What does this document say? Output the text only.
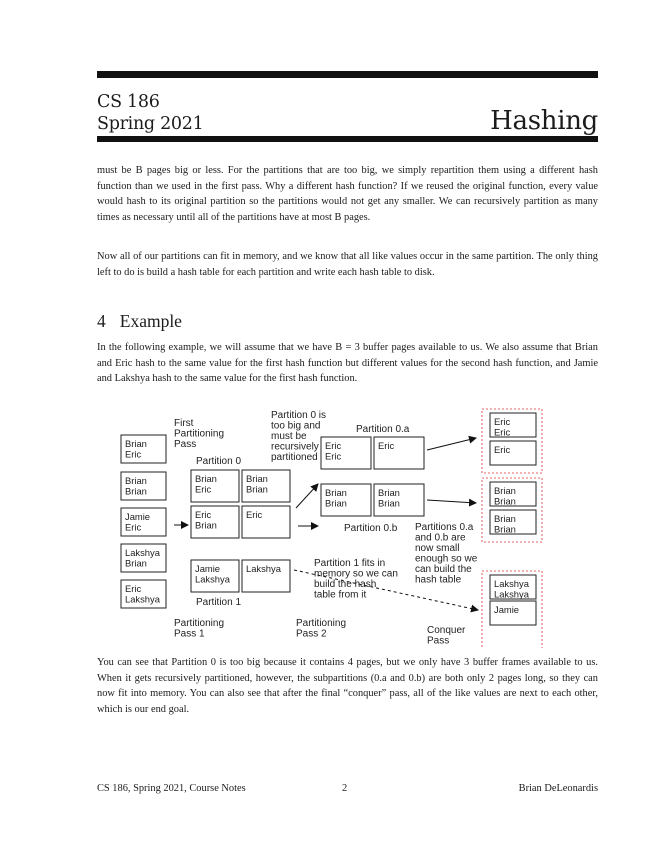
CS 186
Spring 2021	Hashing
must be B pages big or less. For the partitions that are too big, we simply repartition them using a different hash function than we used in the first pass. Why a different hash function? If we reused the original function, every value would hash to its original partition so the partitions would not get any smaller. We can recursively partition as many times as necessary until all of the partitions have at most B pages.
Now all of our partitions can fit in memory, and we know that all like values occur in the same partition. The only thing left to do is build a hash table for each partition and write each hash table to disk.
4 Example
In the following example, we will assume that we have B = 3 buffer pages available to us. We also assume that Brian and Eric hash to the same value for the first hash function but different values for the second hash function, and Jamie and Lakshya hash to the same value for the first hash function.
Brian
Eric
Brian
Brian
Jamie
Eric
Lakshya
Brian
Eric
Lakshya
Brian
Eric
Brian
Brian
Eric
Brian
Eric
Jamie
Lakshya
Lakshya
Eric
Eric
Eric
Brian
Brian
Brian
Brian
Eric
Eric
Eric
Brian
Brian
Brian
Brian
Lakshya
Lakshya
Jamie
First
Partitioning
Pass
Partition 0
Partition 1
Partition 0 is
too big and
must be
recursively
partitioned
Partition 0.a
Partition 0.b
Partition 1 fits in
memory so we can
build the hash
table from it
Partitions 0.a
and 0.b are
now small
enough so we
can build the
hash table
Partitioning
Pass 1
Partitioning
Pass 2	Conquer
Pass
You can see that Partition 0 is too big because it contains 4 pages, but we only have 3 buffer frames available to us. When it gets recursively partitioned, however, the subpartitions (0.a and 0.b) are both only 2 pages long, so they can now fit into memory. You can also see that after the final “conquer” pass, all of the like values are next to each other, which is our end goal.
CS 186, Spring 2021, Course Notes	2	Brian DeLeonardis
